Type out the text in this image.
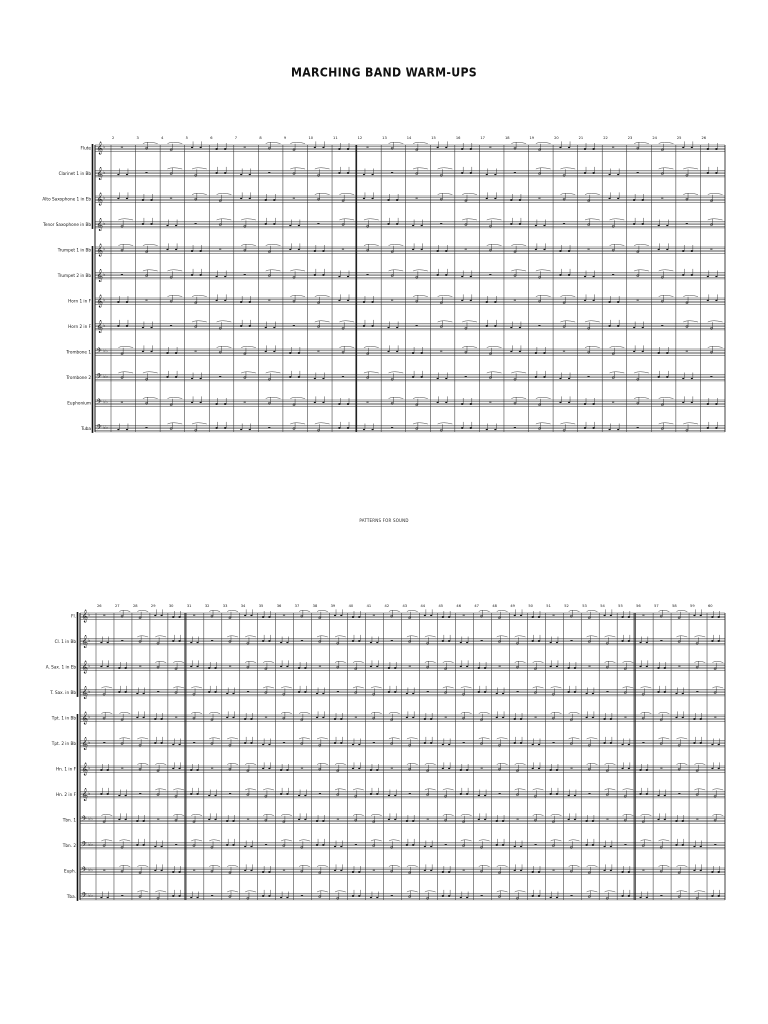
MARCHING BAND WARM-UPS
Flute
Clarinet 1 in Bb
Alto Saxophone 1 in Eb
Tenor Saxophone in Bb
Trumpet 1 in Bb
Trumpet 2 in Bb
Horn 1 in F
Horn 2 in F
Trombone 1
Trombone 2
Euphonium
Tuba
𝄞 ♭
𝄞 ♭
𝄞 ♭
𝄞 ♭
𝄞 ♭
𝄞 ♭
𝄞 ♭
𝄞 ♭
𝄢 ♭♭
𝄢 ♭♭
𝄢 ♭♭
𝄢 ♭♭
2	3	4	5	6	7	8	9	10	11	12	13	14	15	16	17	18	19	20	21	22	23	24	25	26
PATTERNS FOR SOUND
Fl.
Cl. 1 in Bb
A. Sax. 1 in Eb
T. Sax. in Bb
Tpt. 1 in Bb
Tpt. 2 in Bb
Hn. 1 in F
Hn. 2 in F
Tbn. 1
Tbn. 2
Euph.
Tba.
𝄞 ♭
𝄞 ♭
𝄞 ♭
𝄞 ♭
𝄞 ♭
𝄞 ♭
𝄞 ♭
𝄞 ♭
𝄢 ♭♭
𝄢 ♭♭
𝄢 ♭♭
𝄢 ♭♭
26	27	28	29	30	31	32	33	34	35	36	37	38	39	40	41	42	43	44	45	46	47	48	49	50	51	52	53	54	55	56	57	58	59	60
